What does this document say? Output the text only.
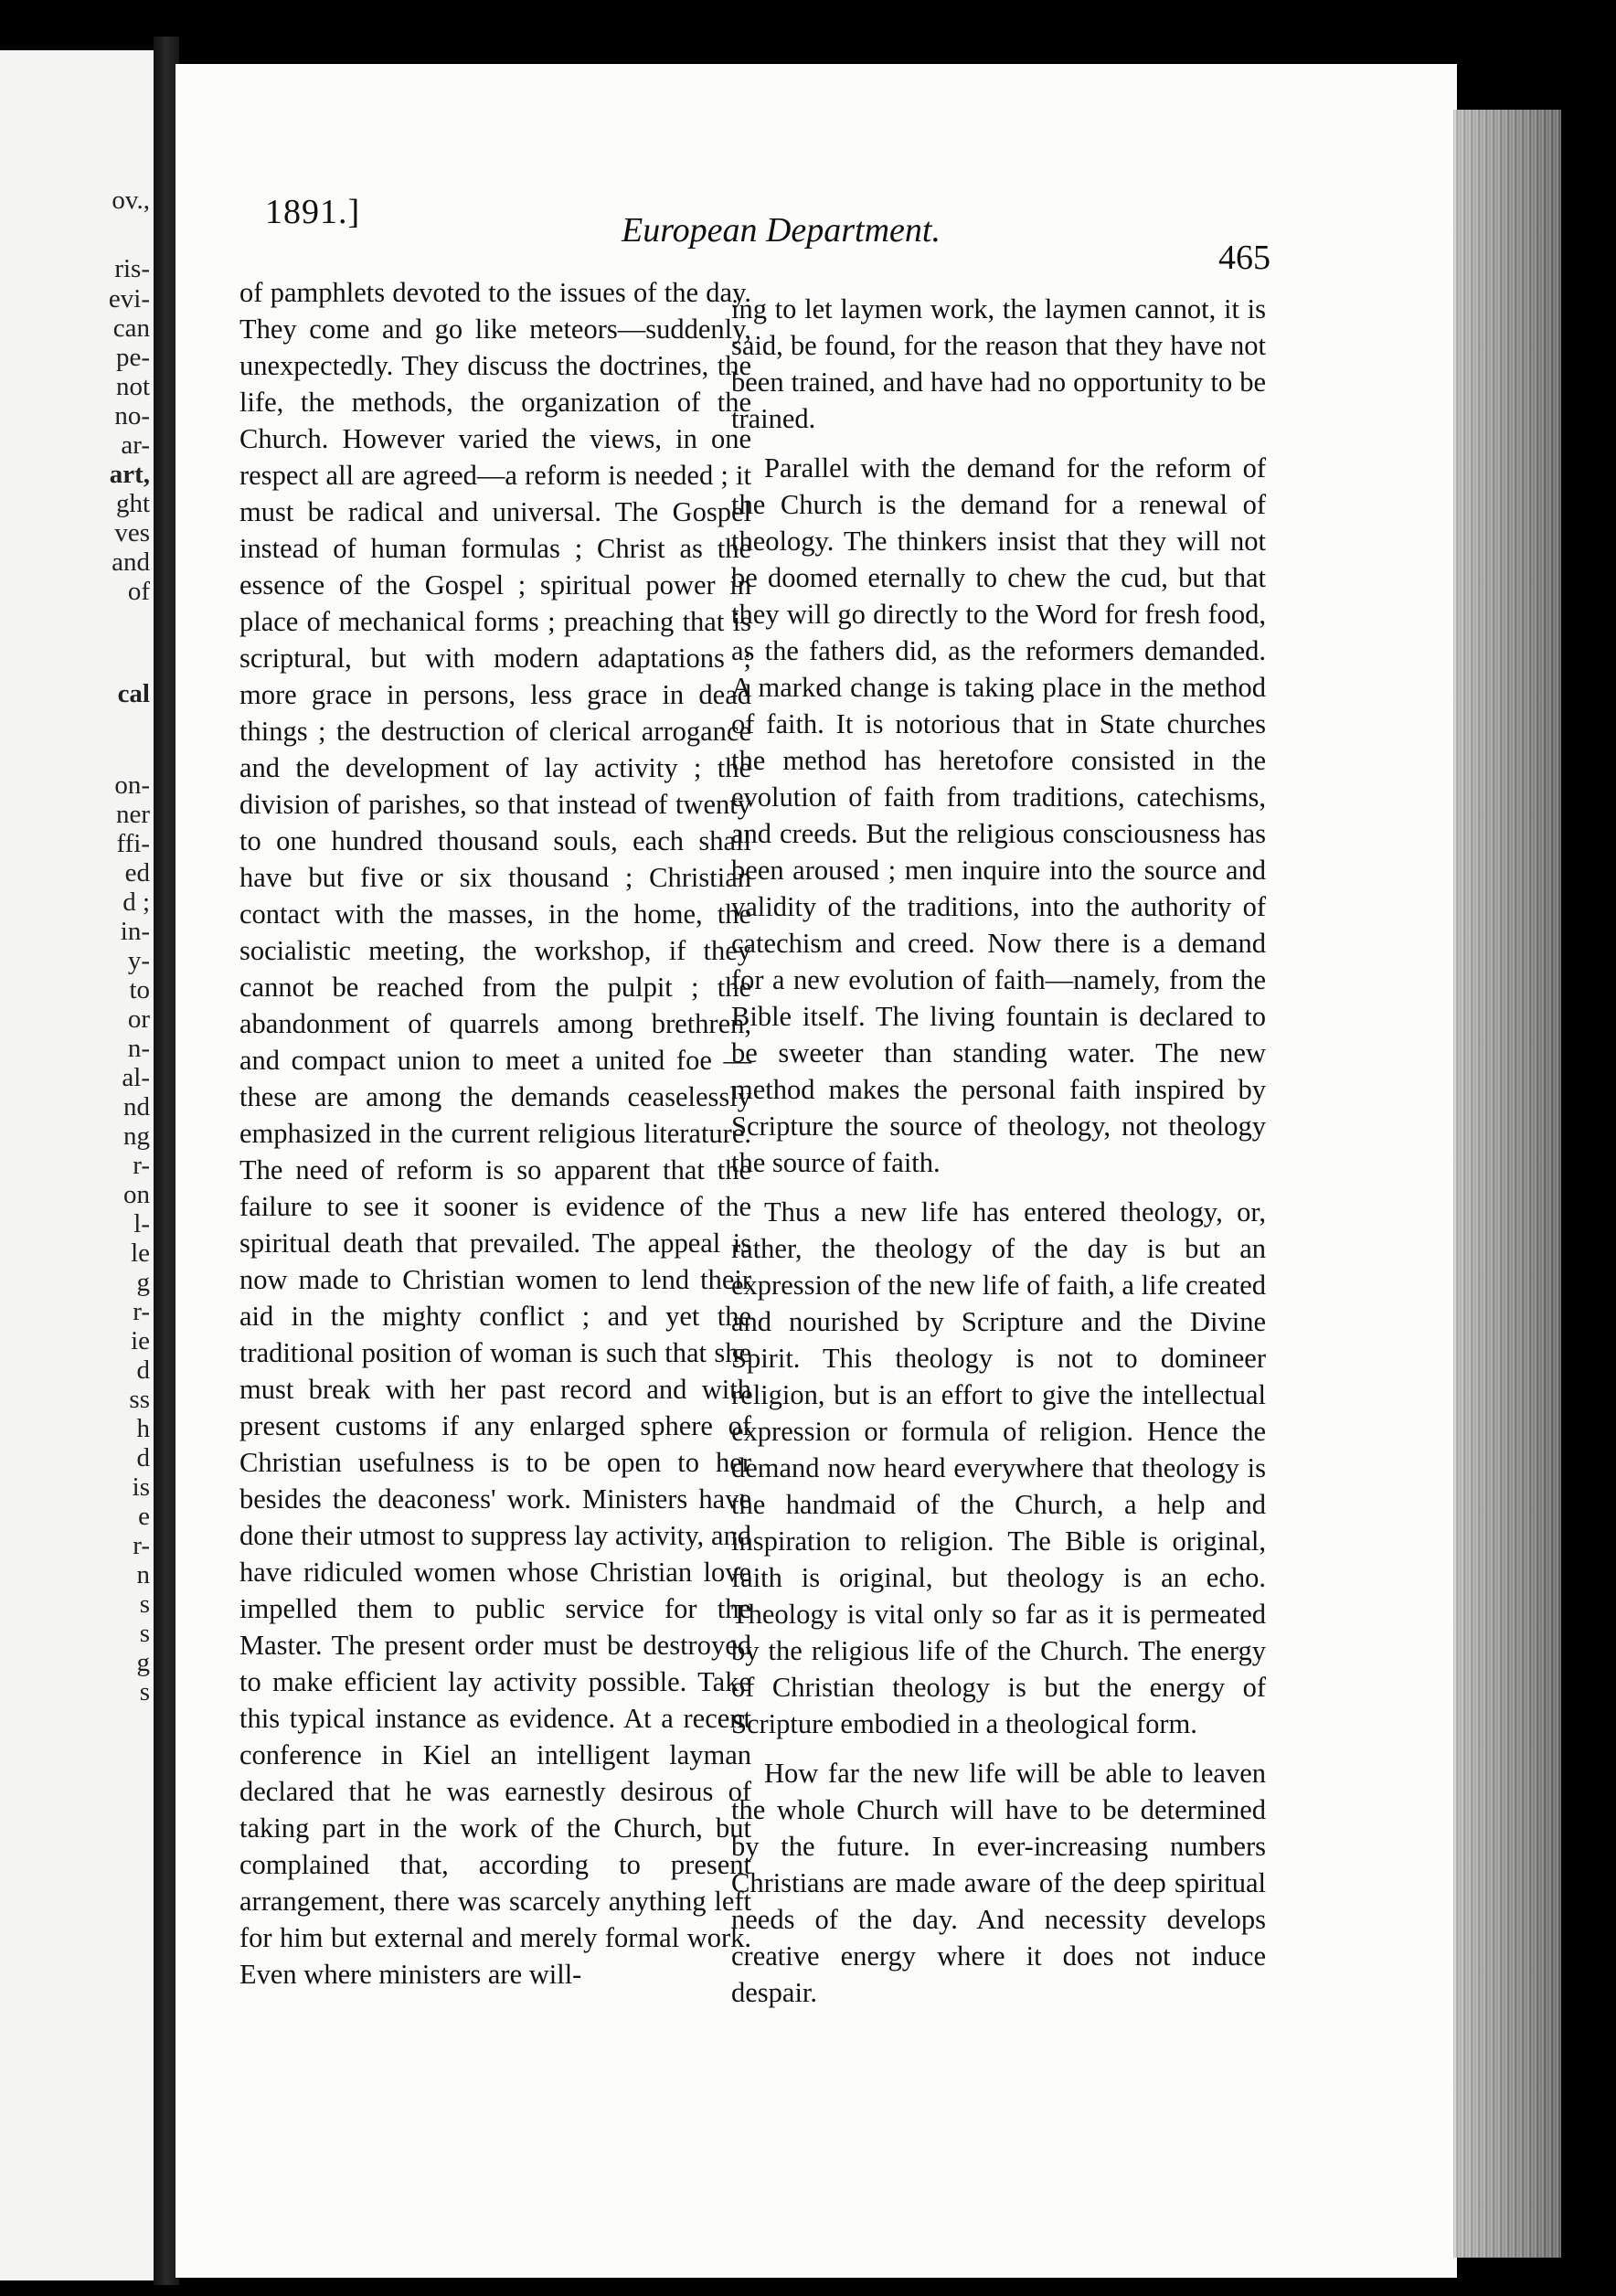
ov.,
ris-
evi-
can
pe-
not
no-
ar-
art,
ght
ves
and
of
cal
on-
ner
ffi-
ed
d ;
in-
y-
to
or
n-
al-
nd
ng
r-
on
l-
le
g
r-
ie
d
ss
h
d
is
e
r-
n
s
s
g
s
1891.]	European Department.
465

of pamphlets devoted to the issues of the day. They come and go like meteors—suddenly, unexpectedly. They discuss the doctrines, the life, the methods, the organization of the Church. However varied the views, in one respect all are agreed—a reform is needed ; it must be radical and universal. The Gospel instead of human formulas ; Christ as the essence of the Gospel ; spiritual power in place of mechanical forms ; preaching that is scriptural, but with modern adaptations ; more grace in persons, less grace in dead things ; the destruction of clerical arrogance and the development of lay activity ; the division of parishes, so that instead of twenty to one hundred thousand souls, each shall have but five or six thousand ; Christian contact with the masses, in the home, the socialistic meeting, the workshop, if they cannot be reached from the pulpit ; the abandonment of quarrels among brethren, and compact union to meet a united foe —these are among the demands ceaselessly emphasized in the current religious literature. The need of reform is so apparent that the failure to see it sooner is evidence of the spiritual death that prevailed. The appeal is now made to Christian women to lend their aid in the mighty conflict ; and yet the traditional position of woman is such that she must break with her past record and with present customs if any enlarged sphere of Christian usefulness is to be open to her besides the deaconess' work. Ministers have done their utmost to suppress lay activity, and have ridiculed women whose Christian love impelled them to public service for the Master. The present order must be destroyed to make efficient lay activity possible. Take this typical instance as evidence. At a recent conference in Kiel an intelligent layman declared that he was earnestly desirous of taking part in the work of the Church, but complained that, according to present arrangement, there was scarcely anything left for him but external and merely formal work. Even where ministers are will-

ing to let laymen work, the laymen cannot, it is said, be found, for the reason that they have not been trained, and have had no opportunity to be trained.

Parallel with the demand for the reform of the Church is the demand for a renewal of theology. The thinkers insist that they will not be doomed eternally to chew the cud, but that they will go directly to the Word for fresh food, as the fathers did, as the reformers demanded. A marked change is taking place in the method of faith. It is notorious that in State churches the method has heretofore consisted in the evolution of faith from traditions, catechisms, and creeds. But the religious consciousness has been aroused ; men inquire into the source and validity of the traditions, into the authority of catechism and creed. Now there is a demand for a new evolution of faith—namely, from the Bible itself. The living fountain is declared to be sweeter than standing water. The new method makes the personal faith inspired by Scripture the source of theology, not theology the source of faith.

Thus a new life has entered theology, or, rather, the theology of the day is but an expression of the new life of faith, a life created and nourished by Scripture and the Divine Spirit. This theology is not to domineer religion, but is an effort to give the intellectual expression or formula of religion. Hence the demand now heard everywhere that theology is the handmaid of the Church, a help and inspiration to religion. The Bible is original, faith is original, but theology is an echo. Theology is vital only so far as it is permeated by the religious life of the Church. The energy of Christian theology is but the energy of Scripture embodied in a theological form.

How far the new life will be able to leaven the whole Church will have to be determined by the future. In ever-increasing numbers Christians are made aware of the deep spiritual needs of the day. And necessity develops creative energy where it does not induce despair.
